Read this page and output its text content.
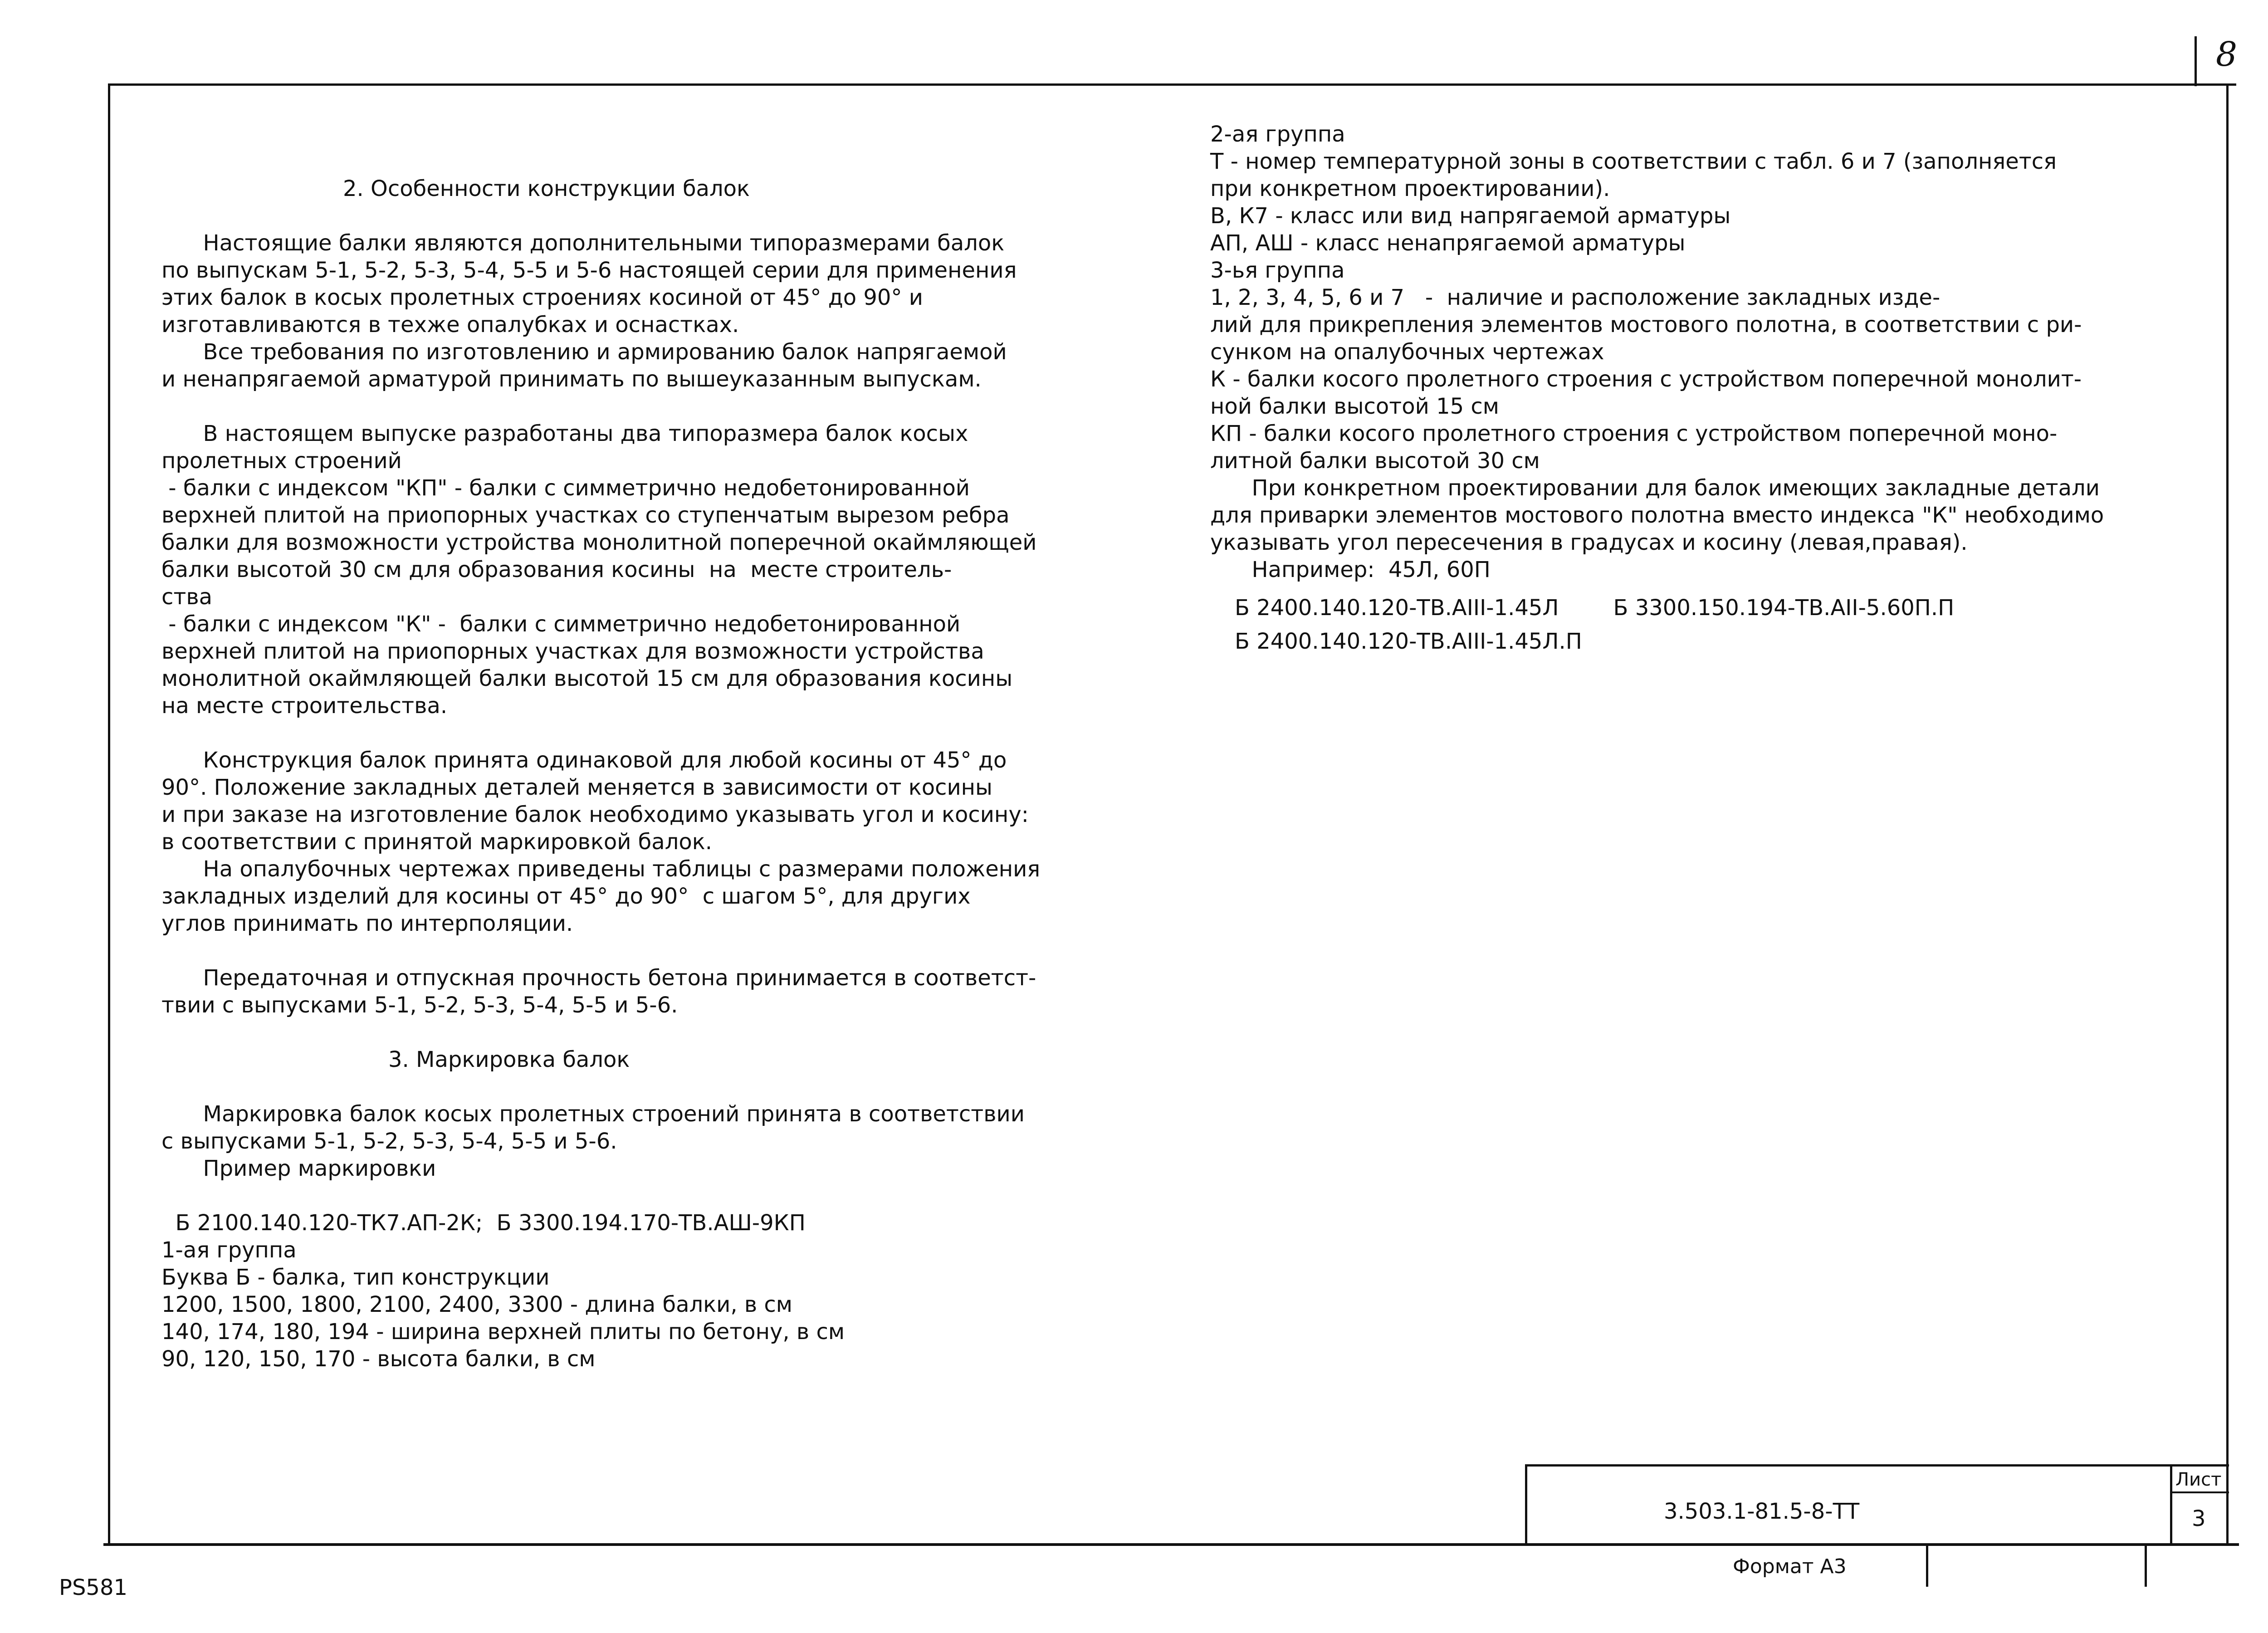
8
Лист
3.503.1-81.5-8-ТТ	3
Формат А3
PS581

2. Особенности конструкции балок

Настоящие балки являются дополнительными типоразмерами балок

по выпускам 5-1, 5-2, 5-3, 5-4, 5-5 и 5-6 настоящей серии для применения

этих балок в косых пролетных строениях косиной от 45° до 90° и

изготавливаются в техже опалубках и оснастках.

Все требования по изготовлению и армированию балок напрягаемой

и ненапрягаемой арматурой принимать по вышеуказанным выпускам.

В настоящем выпуске разработаны два типоразмера балок косых

пролетных строений

- балки с индексом "КП" - балки с симметрично недобетонированной

верхней плитой на приопорных участках со ступенчатым вырезом ребра

балки для возможности устройства монолитной поперечной окаймляющей

балки высотой 30 см для образования косины  на  месте строитель-

ства

- балки с индексом "К" -  балки с симметрично недобетонированной

верхней плитой на приопорных участках для возможности устройства

монолитной окаймляющей балки высотой 15 см для образования косины

на месте строительства.

Конструкция балок принята одинаковой для любой косины от 45° до

90°. Положение закладных деталей меняется в зависимости от косины

и при заказе на изготовление балок необходимо указывать угол и косину:

в соответствии с принятой маркировкой балок.

На опалубочных чертежах приведены таблицы с размерами положения

закладных изделий для косины от 45° до 90°  с шагом 5°, для других

углов принимать по интерполяции.

Передаточная и отпускная прочность бетона принимается в соответст-

твии с выпусками 5-1, 5-2, 5-3, 5-4, 5-5 и 5-6.

3. Маркировка балок

Маркировка балок косых пролетных строений принята в соответствии

с выпусками 5-1, 5-2, 5-3, 5-4, 5-5 и 5-6.

Пример маркировки

Б 2100.140.120-ТК7.АП-2К;  Б 3300.194.170-ТВ.АШ-9КП

1-ая группа

Буква Б - балка, тип конструкции

1200, 1500, 1800, 2100, 2400, 3300 - длина балки, в см

140, 174, 180, 194 - ширина верхней плиты по бетону, в см

90, 120, 150, 170 - высота балки, в см

2-ая группа

Т - номер температурной зоны в соответствии с табл. 6 и 7 (заполняется

при конкретном проектировании).

В, К7 - класс или вид напрягаемой арматуры

АП, АШ - класс ненапрягаемой арматуры

3-ья группа

1, 2, 3, 4, 5, 6 и 7   -  наличие и расположение закладных изде-

лий для прикрепления элементов мостового полотна, в соответствии с ри-

сунком на опалубочных чертежах

К - балки косого пролетного строения с устройством поперечной монолит-

ной балки высотой 15 см

КП - балки косого пролетного строения с устройством поперечной моно-

литной балки высотой 30 см

При конкретном проектировании для балок имеющих закладные детали

для приварки элементов мостового полотна вместо индекса "К" необходимо

указывать угол пересечения в градусах и косину (левая,правая).

Например:  45Л, 60П

Б 2400.140.120-ТВ.АIII-1.45Л	Б 3300.150.194-ТВ.АII-5.60П.П

Б 2400.140.120-ТВ.АIII-1.45Л.П
